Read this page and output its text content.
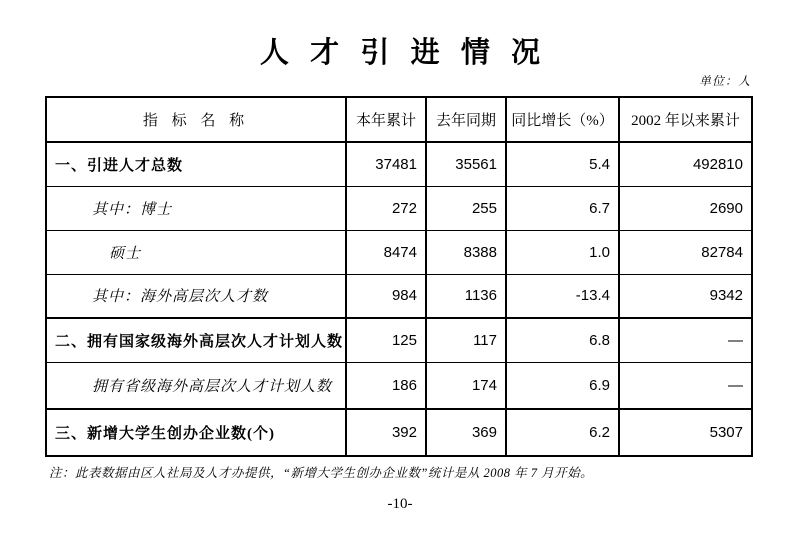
人 才 引 进 情 况
单位：人
指 标 名 称	本年累计	去年同期	同比增长（%）	2002 年以来累计
一、引进人才总数	37481	35561	5.4	492810
其中：博士	272	255	6.7	2690
硕士	8474	8388	1.0	82784
其中：海外高层次人才数	984	1136	-13.4	9342
二、拥有国家级海外高层次人才计划人数	125	117	6.8	—
拥有省级海外高层次人才计划人数	186	174	6.9	—
三、新增大学生创办企业数(个)	392	369	6.2	5307
注：此表数据由区人社局及人才办提供，“新增大学生创办企业数”统计是从 2008 年 7 月开始。
-10-
